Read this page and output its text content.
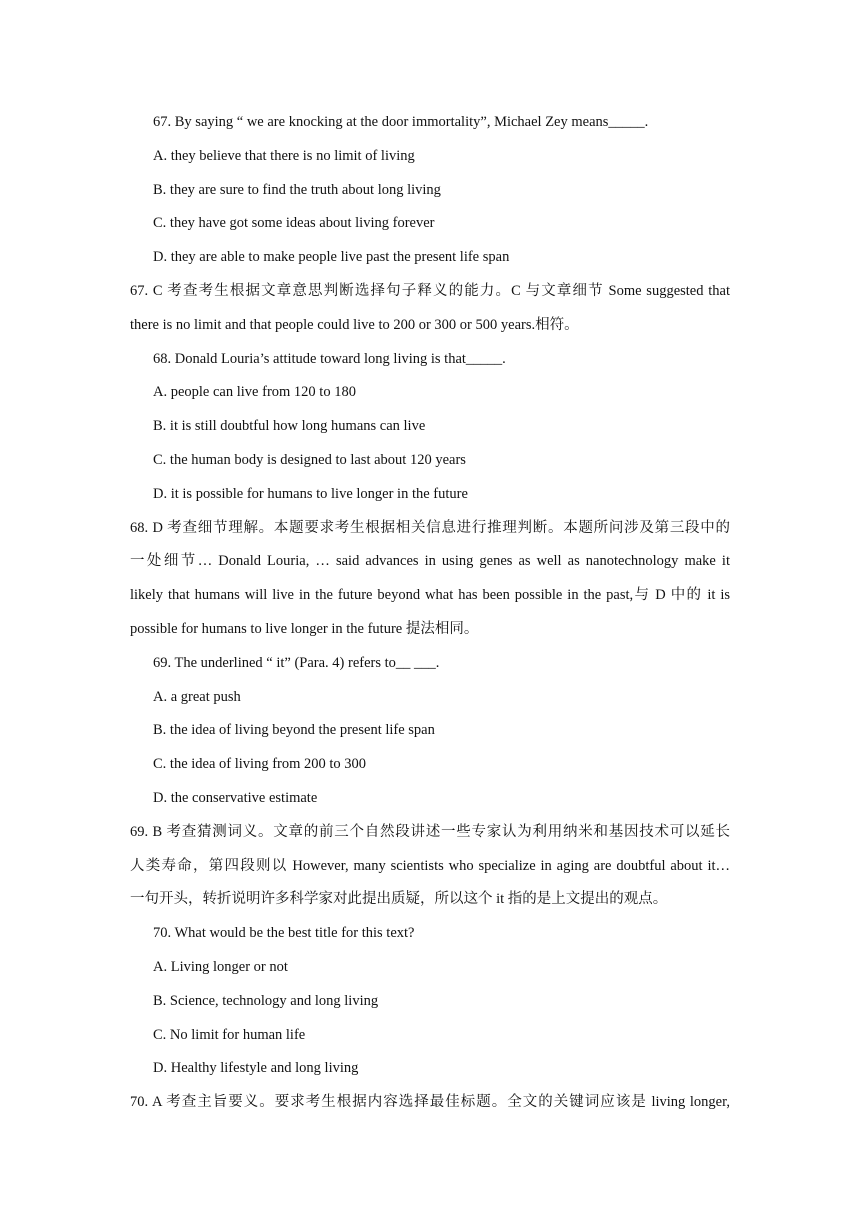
67. By saying “ we are knocking at the door immortality”, Michael Zey means_____.
A. they believe that there is no limit of living
B. they are sure to find the truth about long living
C. they have got some ideas about living forever
D. they are able to make people live past the present life span
67. C 考查考生根据文章意思判断选择句子释义的能力。C 与文章细节 Some suggested that
there is no limit and that people could live to 200 or 300 or 500 years.相符。
68. Donald Louria’s attitude toward long living is that_____.
A. people can live from 120 to 180
B. it is still doubtful how long humans can live
C. the human body is designed to last about 120 years
D. it is possible for humans to live longer in the future
68. D 考查细节理解。本题要求考生根据相关信息进行推理判断。本题所问涉及第三段中的
一处细节… Donald Louria, … said advances in using genes as well as nanotechnology make it
likely that humans will live in the future beyond what has been possible in the past,与 D 中的 it is
possible for humans to live longer in the future 提法相同。
69. The underlined “ it” (Para. 4) refers to__ ___.
A. a great push
B. the idea of living beyond the present life span
C. the idea of living from 200 to 300
D. the conservative estimate
69. B 考查猜测词义。文章的前三个自然段讲述一些专家认为利用纳米和基因技术可以延长
人类寿命，第四段则以 However, many scientists who specialize in aging are doubtful about it…
一句开头，转折说明许多科学家对此提出质疑，所以这个 it 指的是上文提出的观点。
70. What would be the best title for this text?
A. Living longer or not
B. Science, technology and long living
C. No limit for human life
D. Healthy lifestyle and long living
70. A 考查主旨要义。要求考生根据内容选择最佳标题。全文的关键词应该是 living longer,
